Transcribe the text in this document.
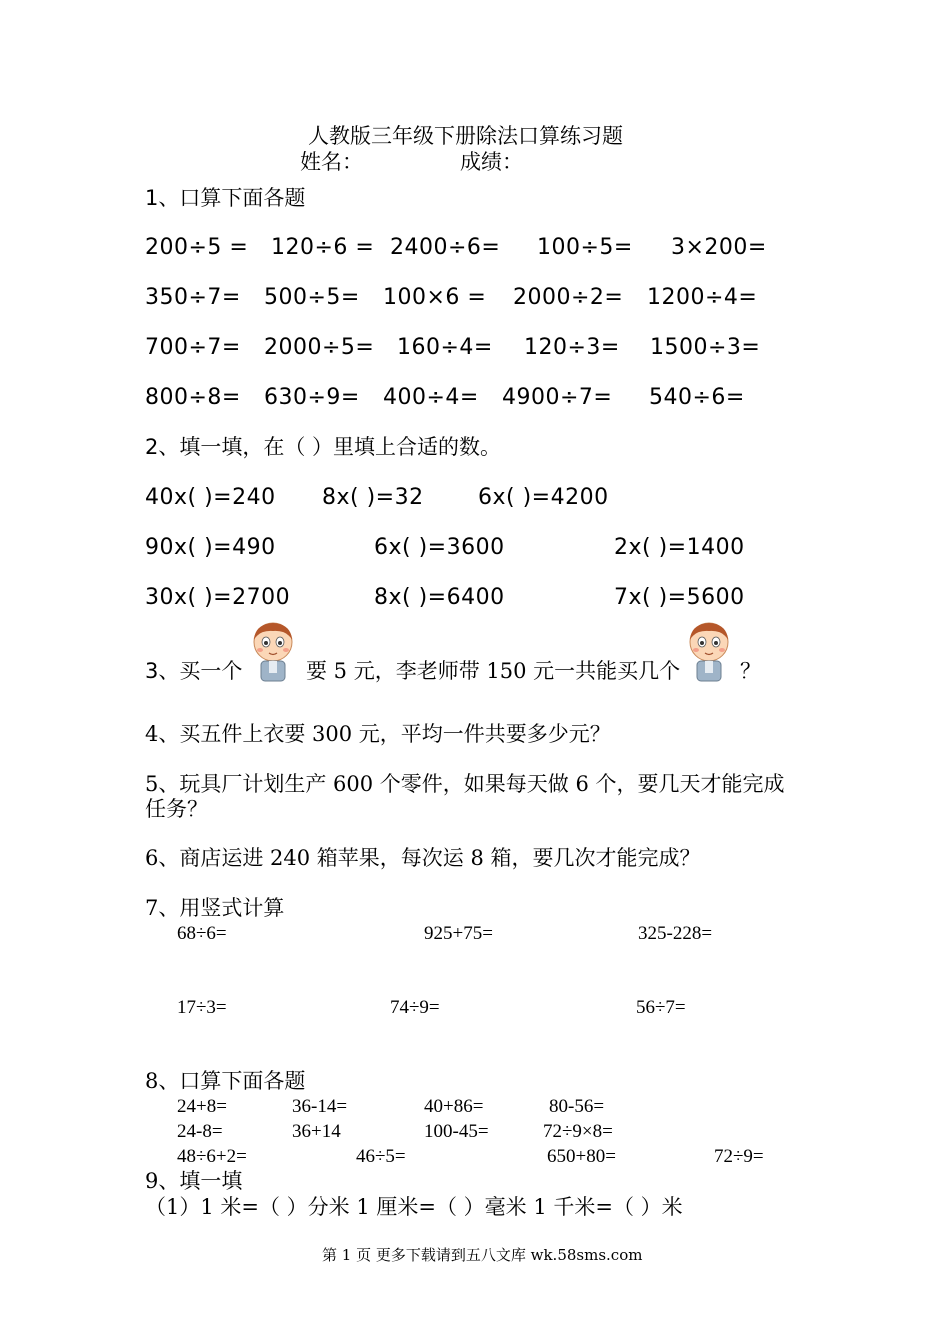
人教版三年级下册除法口算练习题
姓名：	成绩：
1、口算下面各题
200÷5 = 120÷6 = 2400÷6= 100÷5= 3×200=
350÷7= 500÷5= 100×6 = 2000÷2= 1200÷4=
700÷7= 2000÷5= 160÷4= 120÷3= 1500÷3=
800÷8= 630÷9= 400÷4= 4900÷7= 540÷6=
2、填一填，在（ ）里填上合适的数。
40x( )=240 8x( )=32 6x( )=4200
90x( )=490	6x( )=3600	2x( )=1400
30x( )=2700	8x( )=6400	7x( )=5600
3、买一个	要 5 元，李老师带 150 元一共能买几个	？
4、买五件上衣要 300 元，平均一件共要多少元？
5、玩具厂计划生产 600 个零件，如果每天做 6 个，要几天才能完成
任务？
6、商店运进 240 箱苹果，每次运 8 箱，要几次才能完成？
7、用竖式计算
68÷6=	925+75=	325-228=
17÷3=	74÷9=	56÷7=
8、口算下面各题
24+8=	36-14=	40+86=	80-56=
24-8=	36+14	100-45=	72÷9×8=
48÷6+2=	46÷5=	650+80=	72÷9=
9、填一填
（1）1 米=（ ）分米 1 厘米=（ ）毫米 1 千米=（ ）米
第 1 页 更多下载请到五八文库 wk.58sms.com
